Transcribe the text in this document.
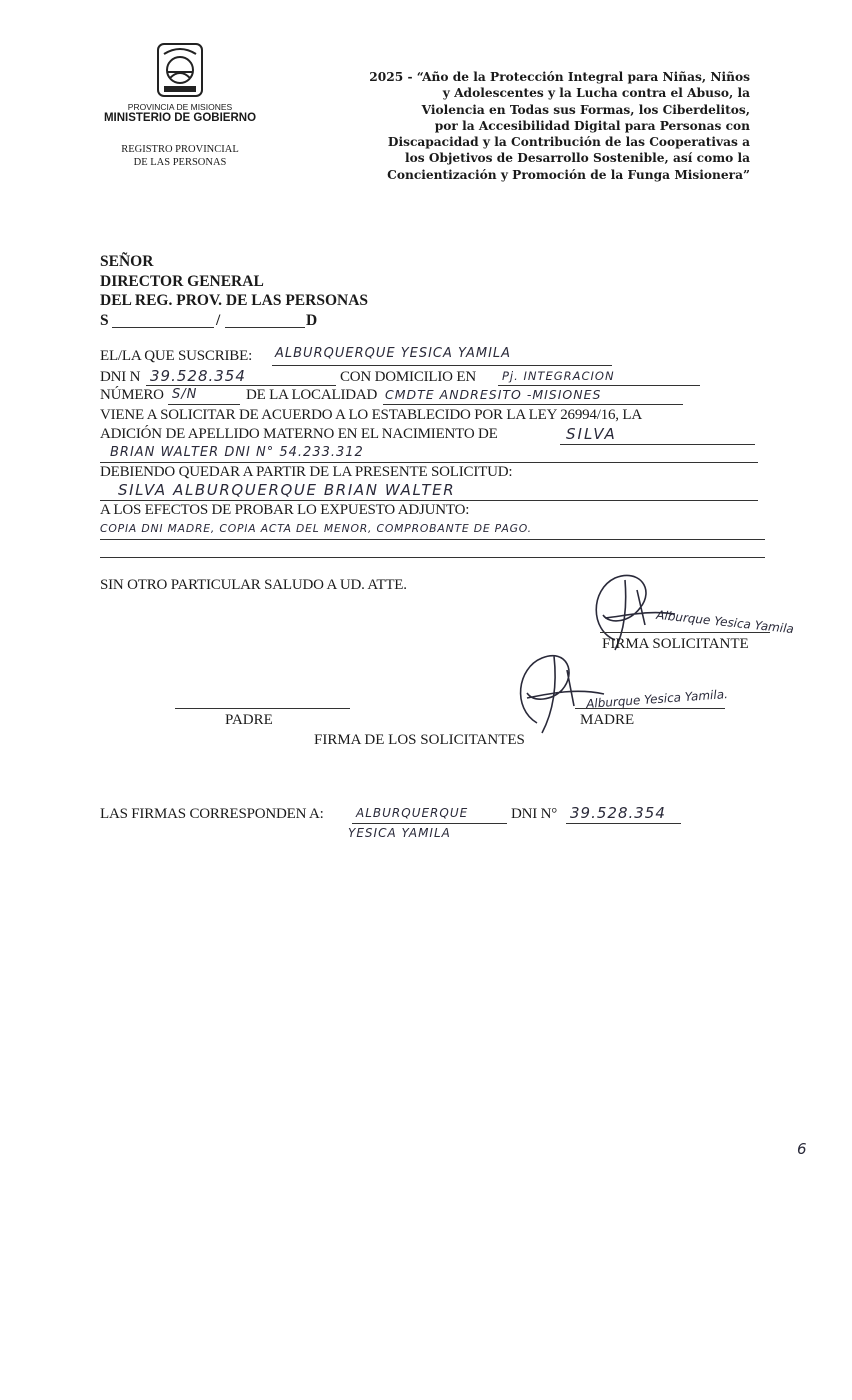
PROVINCIA DE MISIONES
MINISTERIO DE GOBIERNO
REGISTRO PROVINCIAL
DE LAS PERSONAS
2025 - “Año de la Protección Integral para Niñas, Niños
y Adolescentes y la Lucha contra el Abuso, la
Violencia en Todas sus Formas, los Ciberdelitos,
por la Accesibilidad Digital para Personas con
Discapacidad y la Contribución de las Cooperativas a
los Objetivos de Desarrollo Sostenible, así como la
Concientización y Promoción de la Funga Misionera”
SEÑOR
DIRECTOR GENERAL
DEL REG. PROV. DE LAS PERSONAS
S	/	D
EL/LA QUE SUSCRIBE: ALBURQUERQUE YESICA YAMILA
DNI N 39.528.354	CON DOMICILIO EN Pj. INTEGRACION
NÚMERO S/N	DE LA LOCALIDAD CMDTE ANDRESITO -MISIONES
VIENE A SOLICITAR DE ACUERDO A LO ESTABLECIDO POR LA LEY 26994/16, LA
ADICIÓN DE APELLIDO MATERNO EN EL NACIMIENTO DE	SILVA
BRIAN WALTER DNI N° 54.233.312
DEBIENDO QUEDAR A PARTIR DE LA PRESENTE SOLICITUD:
SILVA ALBURQUERQUE BRIAN WALTER
A LOS EFECTOS DE PROBAR LO EXPUESTO ADJUNTO:
COPIA DNI MADRE, COPIA ACTA DEL MENOR, COMPROBANTE DE PAGO.
SIN OTRO PARTICULAR SALUDO A UD. ATTE.
Alburque Yesica Yamila
FIRMA SOLICITANTE
Alburque Yesica Yamila.
MADRE
PADRE
FIRMA DE LOS SOLICITANTES
LAS FIRMAS CORRESPONDEN A:	ALBURQUERQUE
YESICA YAMILA
DNI N° 39.528.354
6
